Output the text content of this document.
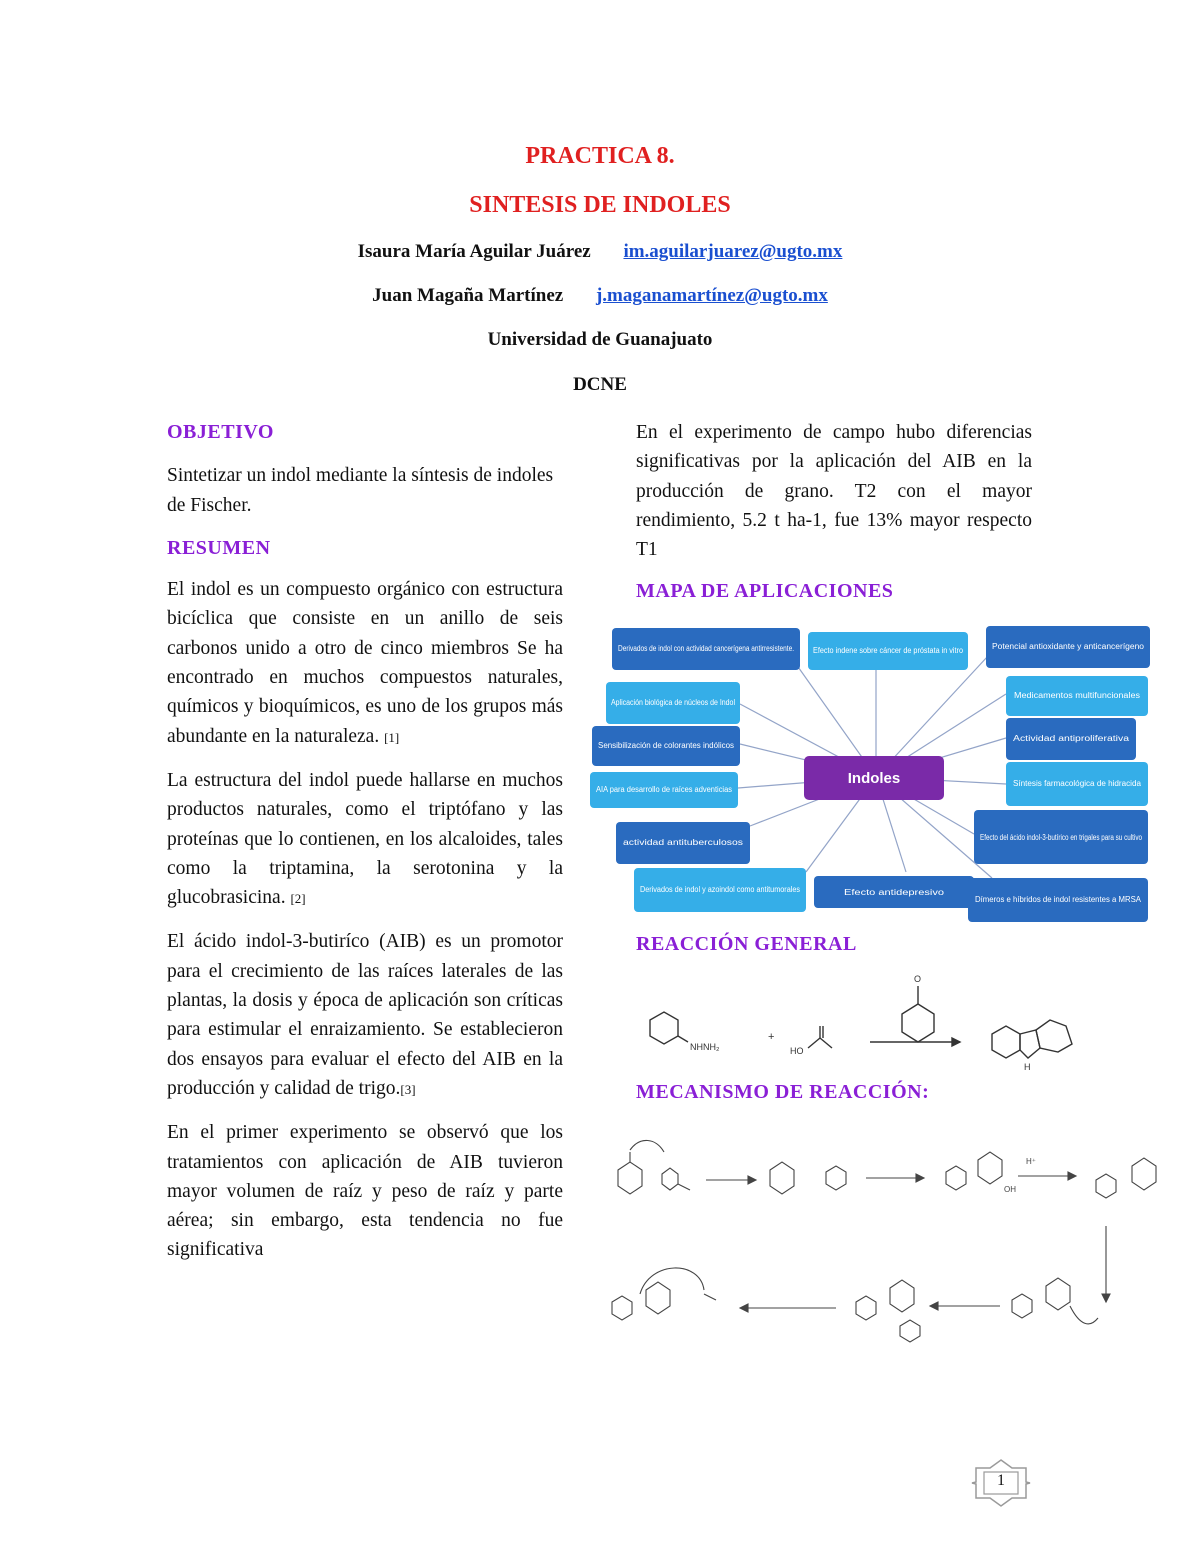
PRACTICA 8.
SINTESIS DE INDOLES
Isaura María Aguilar Juárez im.aguilarjuarez@ugto.mx
Juan Magaña Martínez j.maganamartínez@ugto.mx
Universidad de Guanajuato
DCNE
OBJETIVO

Sintetizar un indol mediante la síntesis de indoles de Fischer.

RESUMEN

El indol es un compuesto orgánico con estructura bicíclica que consiste en un anillo de seis carbonos unido a otro de cinco miembros Se ha encontrado en muchos compuestos naturales, químicos y bioquímicos, es uno de los grupos más abundante en la naturaleza. [1]

La estructura del indol puede hallarse en muchos productos naturales, como el triptófano y las proteínas que lo contienen, en los alcaloides, tales como la triptamina, la serotonina y la glucobrasicina. [2]

El ácido indol-3-butiríco (AIB) es un promotor para el crecimiento de las raíces laterales de las plantas, la dosis y época de aplicación son críticas para estimular el enraizamiento. Se establecieron dos ensayos para evaluar el efecto del AIB en la producción y calidad de trigo.[3]

En el primer experimento se observó que los tratamientos con aplicación de AIB tuvieron mayor volumen de raíz y peso de raíz y parte aérea; sin embargo, esta tendencia no fue significativa

En el experimento de campo hubo diferencias significativas por la aplicación del AIB en la producción de grano. T2 con el mayor rendimiento, 5.2 t ha-1, fue 13% mayor respecto T1

MAPA DE APLICACIONES
Indoles
Derivados de indol con actividad cancerígena antirresistente. Efecto indene sobre cáncer de próstata in vitro	Potencial antioxidante y anticancerígeno
Aplicación biológica de núcleos de Indol
Medicamentos multifuncionales
Sensibilización de colorantes indólicos
Actividad antiproliferativa
AIA para desarrollo de raíces adventicias
Síntesis farmacológica de hidracida
actividad antituberculosos
Efecto del ácido indol-3-butírico en trigales para su cultivo
Derivados de indol y azoindol como antitumorales	Efecto antidepresivo
Dímeros e híbridos de indol resistentes a MRSA
REACCIÓN GENERAL
NHNH₂
+
HO
O
H
MECANISMO DE REACCIÓN:
H⁺
OH
1
